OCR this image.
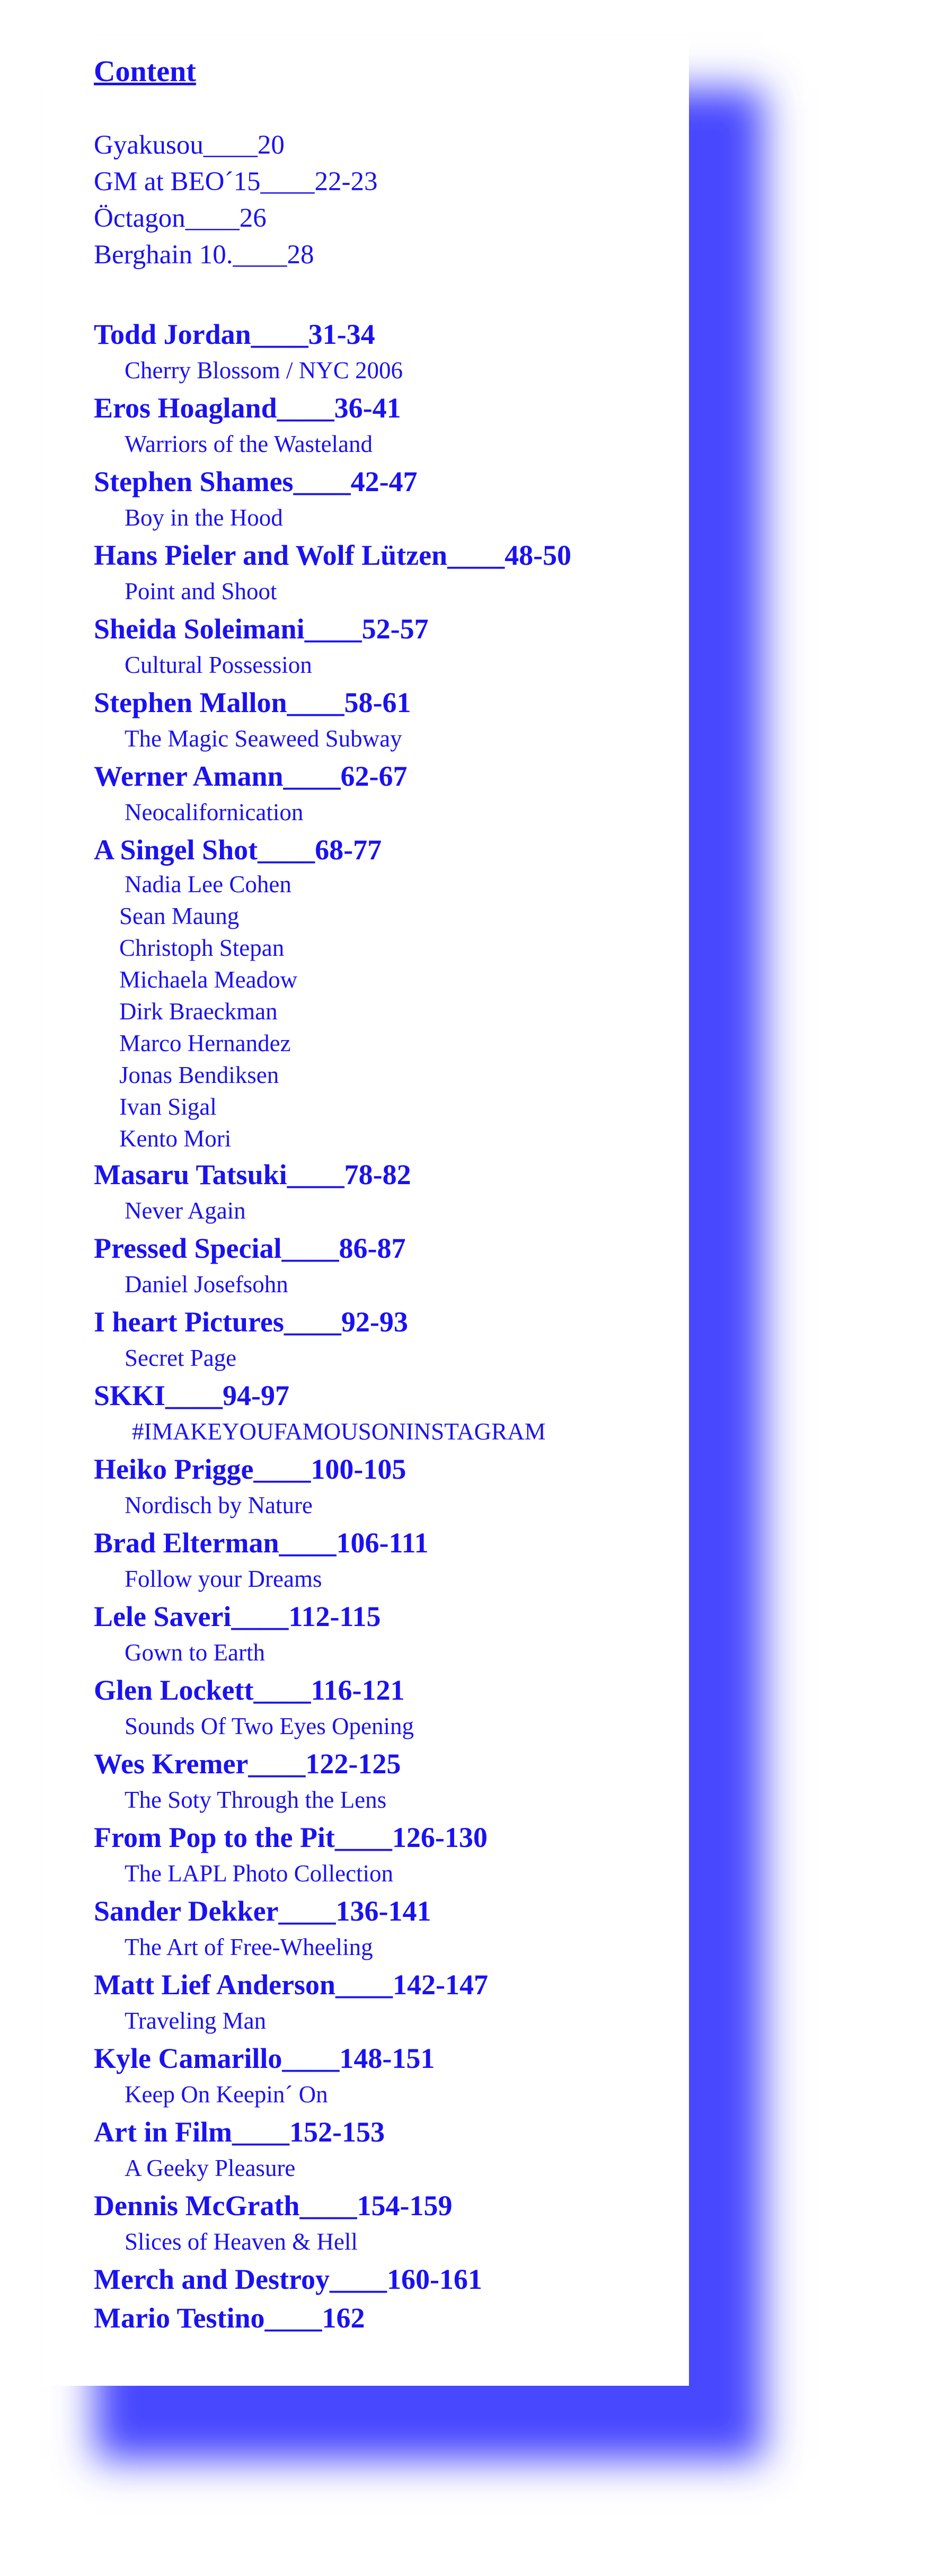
Content
Gyakusou____20
GM at BEO´15____22-23
Öctagon____26
Berghain 10.____28
Todd Jordan____31-34
Cherry Blossom / NYC 2006
Eros Hoagland____36-41
Warriors of the Wasteland
Stephen Shames____42-47
Boy in the Hood
Hans Pieler and Wolf Lützen____48-50
Point and Shoot
Sheida Soleimani____52-57
Cultural Possession
Stephen Mallon____58-61
The Magic Seaweed Subway
Werner Amann____62-67
Neocalifornication
A Singel Shot____68-77
Nadia Lee Cohen
Sean Maung
Christoph Stepan
Michaela Meadow
Dirk Braeckman
Marco Hernandez
Jonas Bendiksen
Ivan Sigal
Kento Mori
Masaru Tatsuki____78-82
Never Again
Pressed Special____86-87
Daniel Josefsohn
I heart Pictures____92-93
Secret Page
SKKI____94-97
#IMAKEYOUFAMOUSONINSTAGRAM
Heiko Prigge____100-105
Nordisch by Nature
Brad Elterman____106-111
Follow your Dreams
Lele Saveri____112-115
Gown to Earth
Glen Lockett____116-121
Sounds Of Two Eyes Opening
Wes Kremer____122-125
The Soty Through the Lens
From Pop to the Pit____126-130
The LAPL Photo Collection
Sander Dekker____136-141
The Art of Free-Wheeling
Matt Lief Anderson____142-147
Traveling Man
Kyle Camarillo____148-151
Keep On Keepin´ On
Art in Film____152-153
A Geeky Pleasure
Dennis McGrath____154-159
Slices of Heaven & Hell
Merch and Destroy____160-161
Mario Testino____162
